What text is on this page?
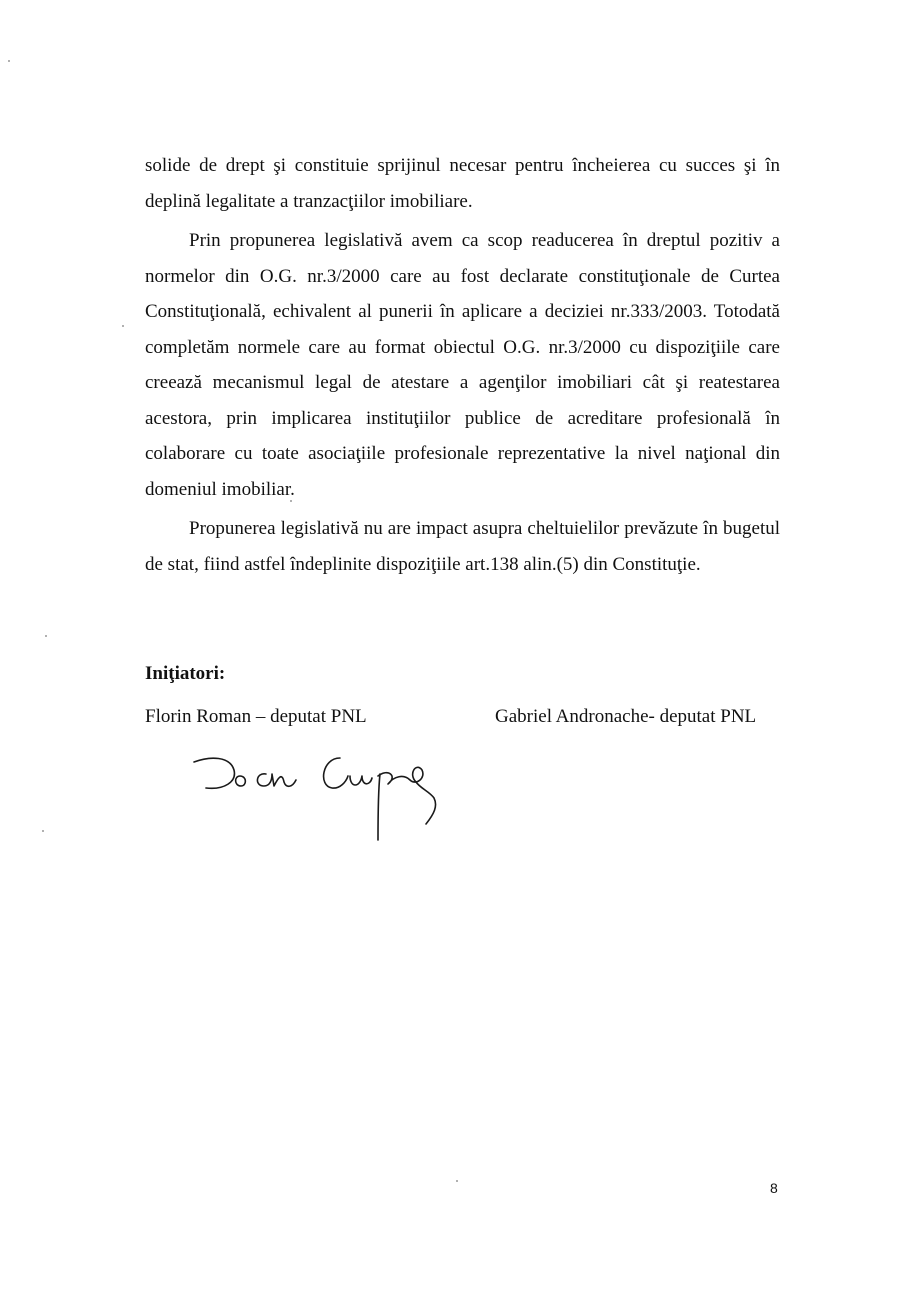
solide de drept şi constituie sprijinul necesar pentru încheierea cu succes şi în deplină legalitate a tranzacţiilor imobiliare.

Prin propunerea legislativă avem ca scop readucerea în dreptul pozitiv a normelor din O.G. nr.3/2000 care au fost declarate constituţionale de Curtea Constituţională, echivalent al punerii în aplicare a deciziei nr.333/2003. Totodată completăm normele care au format obiectul O.G. nr.3/2000 cu dispoziţiile care creează mecanismul legal de atestare a agenţilor imobiliari cât şi reatestarea acestora, prin implicarea instituţiilor publice de acreditare profesională în colaborare cu toate asociaţiile profesionale reprezentative la nivel naţional din domeniul imobiliar.

Propunerea legislativă nu are impact asupra cheltuielilor prevăzute în bugetul de stat, fiind astfel îndeplinite dispoziţiile art.138 alin.(5) din Constituţie.

Iniţiatori:
Florin Roman – deputat PNL	Gabriel Andronache- deputat PNL
8
